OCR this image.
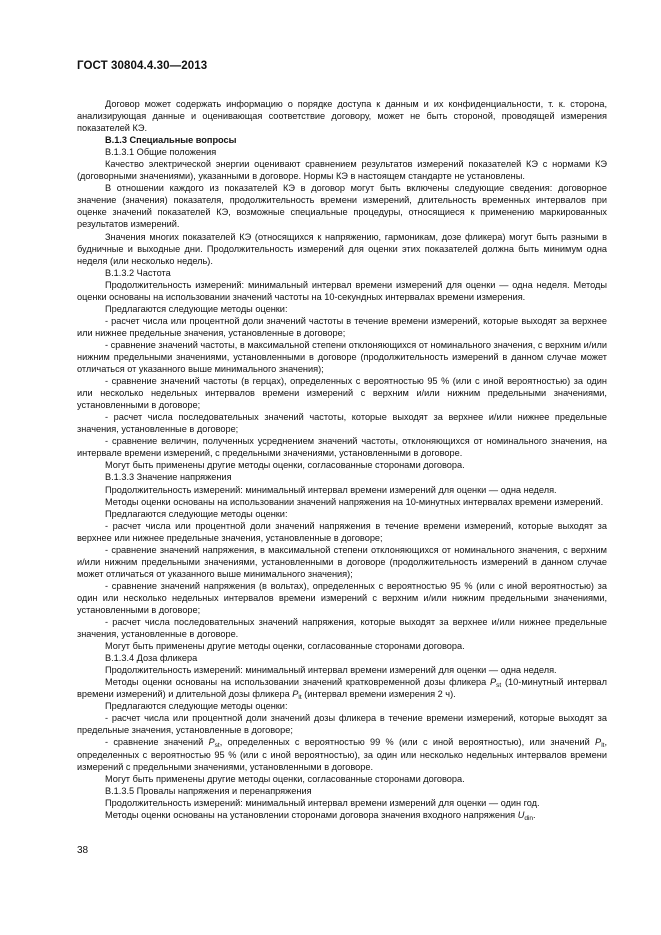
ГОСТ 30804.4.30—2013

Договор может содержать информацию о порядке доступа к данным и их конфиденциальности, т. к. сторона, анализирующая данные и оценивающая соответствие договору, может не быть стороной, проводящей измерения показателей КЭ.

B.1.3 Специальные вопросы

B.1.3.1 Общие положения

Качество электрической энергии оценивают сравнением результатов измерений показателей КЭ с нормами КЭ (договорными значениями), указанными в договоре. Нормы КЭ в настоящем стандарте не установлены.

В отношении каждого из показателей КЭ в договор могут быть включены следующие сведения: договорное значение (значения) показателя, продолжительность времени измерений, длительность временных интервалов при оценке значений показателей КЭ, возможные специальные процедуры, относящиеся к применению маркированных результатов измерений.

Значения многих показателей КЭ (относящихся к напряжению, гармоникам, дозе фликера) могут быть разными в будничные и выходные дни. Продолжительность измерений для оценки этих показателей должна быть минимум одна неделя (или несколько недель).

B.1.3.2 Частота

Продолжительность измерений: минимальный интервал времени измерений для оценки — одна неделя. Методы оценки основаны на использовании значений частоты на 10-секундных интервалах времени измерения.

Предлагаются следующие методы оценки:

- расчет числа или процентной доли значений частоты в течение времени измерений, которые выходят за верхнее или нижнее предельные значения, установленные в договоре;

- сравнение значений частоты, в максимальной степени отклоняющихся от номинального значения, с верхним и/или нижним предельными значениями, установленными в договоре (продолжительность измерений в данном случае может отличаться от указанного выше минимального значения);

- сравнение значений частоты (в герцах), определенных с вероятностью 95 % (или с иной вероятностью) за один или несколько недельных интервалов времени измерений с верхним и/или нижним предельными значениями, установленными в договоре;

- расчет числа последовательных значений частоты, которые выходят за верхнее и/или нижнее предельные значения, установленные в договоре;

- сравнение величин, полученных усреднением значений частоты, отклоняющихся от номинального значения, на интервале времени измерений, с предельными значениями, установленными в договоре.

Могут быть применены другие методы оценки, согласованные сторонами договора.

B.1.3.3 Значение напряжения

Продолжительность измерений: минимальный интервал времени измерений для оценки — одна неделя.

Методы оценки основаны на использовании значений напряжения на 10-минутных интервалах времени измерений.

Предлагаются следующие методы оценки:

- расчет числа или процентной доли значений напряжения в течение времени измерений, которые выходят за верхнее или нижнее предельные значения, установленные в договоре;

- сравнение значений напряжения, в максимальной степени отклоняющихся от номинального значения, с верхним и/или нижним предельными значениями, установленными в договоре (продолжительность измерений в данном случае может отличаться от указанного выше минимального значения);

- сравнение значений напряжения (в вольтах), определенных с вероятностью 95 % (или с иной вероятностью) за один или несколько недельных интервалов времени измерений с верхним и/или нижним предельными значениями, установленными в договоре;

- расчет числа последовательных значений напряжения, которые выходят за верхнее и/или нижнее предельные значения, установленные в договоре.

Могут быть применены другие методы оценки, согласованные сторонами договора.

B.1.3.4 Доза фликера

Продолжительность измерений: минимальный интервал времени измерений для оценки — одна неделя.

Методы оценки основаны на использовании значений кратковременной дозы фликера $P_{st}$ (10-минутный интервал времени измерений) и длительной дозы фликера $P_{lt}$ (интервал времени измерения 2 ч).

Предлагаются следующие методы оценки:

- расчет числа или процентной доли значений дозы фликера в течение времени измерений, которые выходят за предельные значения, установленные в договоре;

- сравнение значений $P_{st}$, определенных с вероятностью 99 % (или с иной вероятностью), или значений $P_{lt}$, определенных с вероятностью 95 % (или с иной вероятностью), за один или несколько недельных интервалов времени измерений с предельными значениями, установленными в договоре.

Могут быть применены другие методы оценки, согласованные сторонами договора.

B.1.3.5 Провалы напряжения и перенапряжения

Продолжительность измерений: минимальный интервал времени измерений для оценки — один год.

Методы оценки основаны на установлении сторонами договора значения входного напряжения $U_{din}$.

38
